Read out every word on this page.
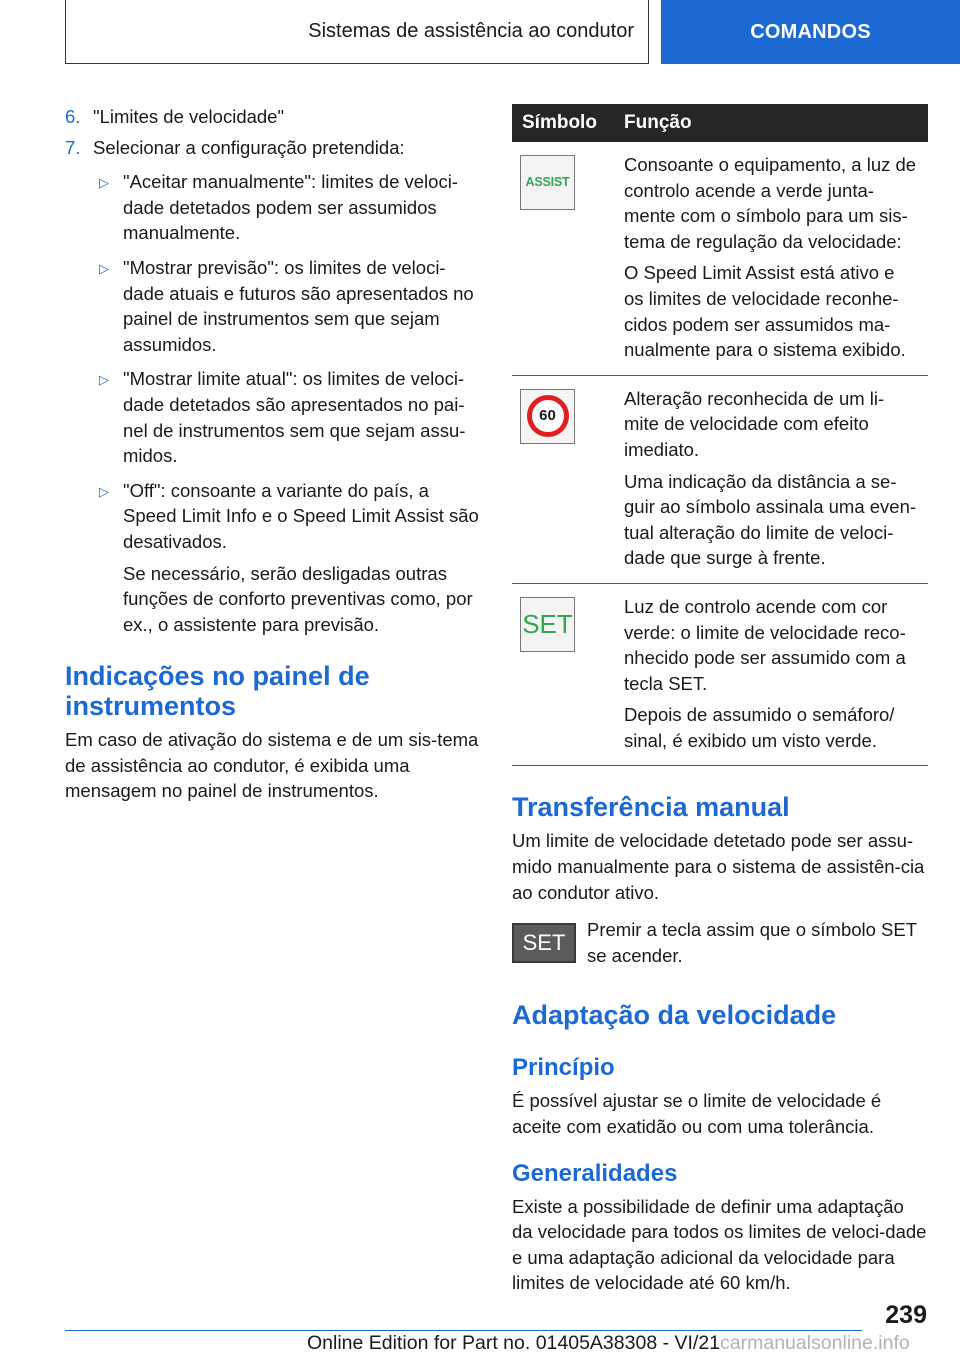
Sistemas de assistência ao condutor	COMANDOS
6. "Limites de velocidade"
7. Selecionar a configuração pretendida:
▷ "Aceitar manualmente": limites de veloci-dade detetados podem ser assumidos manualmente.
▷ "Mostrar previsão": os limites de veloci-dade atuais e futuros são apresentados no painel de instrumentos sem que sejam assumidos.
▷ "Mostrar limite atual": os limites de veloci-dade detetados são apresentados no pai-nel de instrumentos sem que sejam assu-midos.
▷ "Off": consoante a variante do país, a Speed Limit Info e o Speed Limit Assist são desativados.
Se necessário, serão desligadas outras funções de conforto preventivas como, por ex., o assistente para previsão.
Indicações no painel de instrumentos
Em caso de ativação do sistema e de um sis-tema de assistência ao condutor, é exibida uma mensagem no painel de instrumentos.
Símbolo	Função

ASSIST	Consoante o equipamento, a luz de controlo acende a verde junta-mente com o símbolo para um sis-tema de regulação da velocidade:

O Speed Limit Assist está ativo e os limites de velocidade reconhe-cidos podem ser assumidos ma-nualmente para o sistema exibido.

60	Alteração reconhecida de um li-mite de velocidade com efeito imediato.

Uma indicação da distância a se-guir ao símbolo assinala uma even-tual alteração do limite de veloci-dade que surge à frente.

SET	Luz de controlo acende com cor verde: o limite de velocidade reco-nhecido pode ser assumido com a tecla SET.

Depois de assumido o semáforo/ sinal, é exibido um visto verde.

Transferência manual
Um limite de velocidade detetado pode ser assu-mido manualmente para o sistema de assistên-cia ao condutor ativo.
SET
Premir a tecla assim que o símbolo SET se acender.
Adaptação da velocidade
Princípio
É possível ajustar se o limite de velocidade é aceite com exatidão ou com uma tolerância.
Generalidades
Existe a possibilidade de definir uma adaptação da velocidade para todos os limites de veloci-dade e uma adaptação adicional da velocidade para limites de velocidade até 60 km/h.
239
Online Edition for Part no. 01405A38308 - VI/21carmanualsonline.info
